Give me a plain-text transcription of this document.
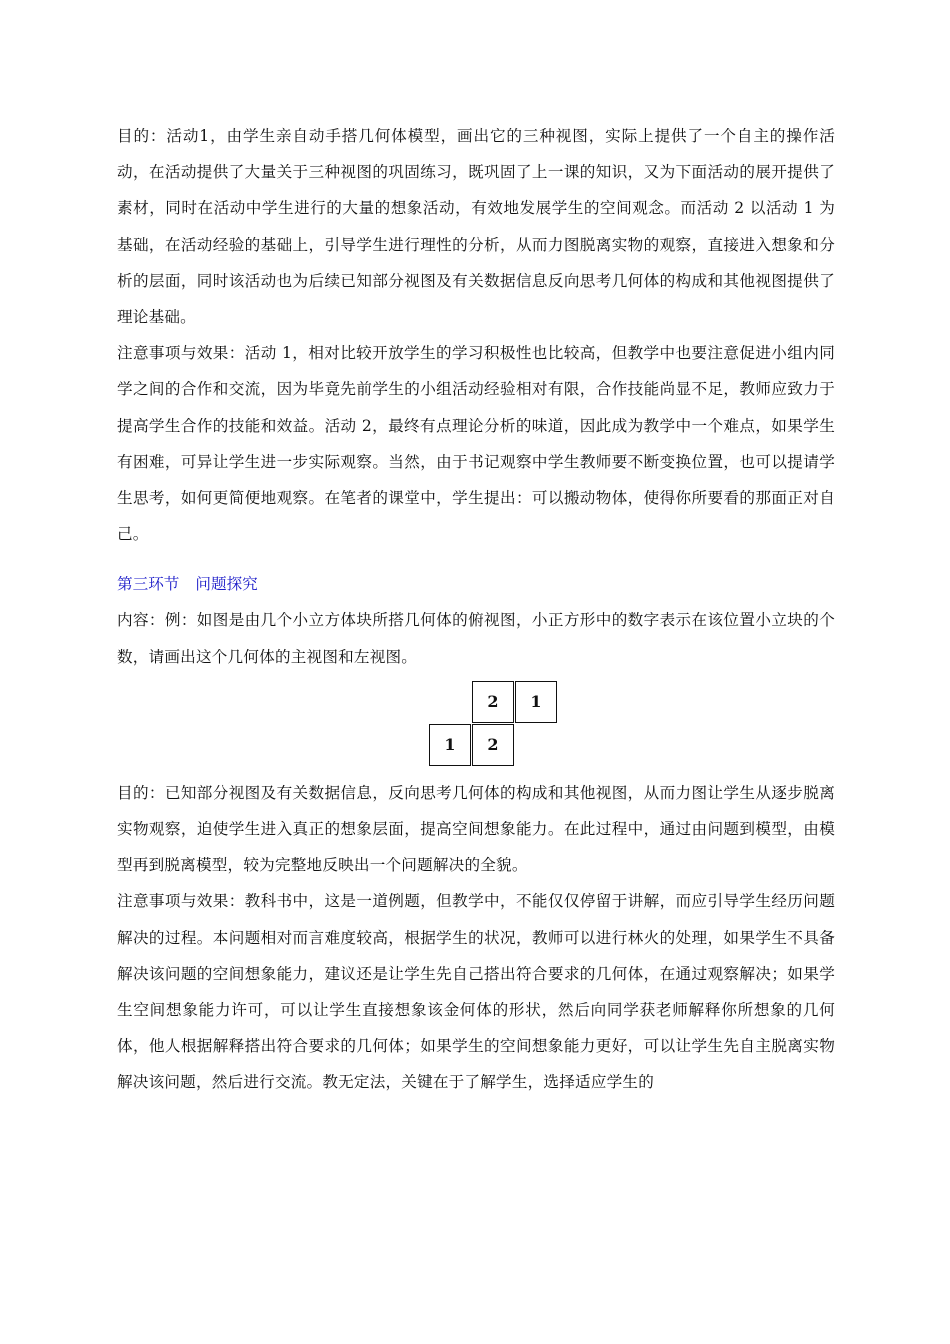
目的：活动1，由学生亲自动手搭几何体模型，画出它的三种视图，实际上提供了一个自主的操作活动，在活动提供了大量关于三种视图的巩固练习，既巩固了上一课的知识，又为下面活动的展开提供了素材，同时在活动中学生进行的大量的想象活动，有效地发展学生的空间观念。而活动 2 以活动 1 为基础，在活动经验的基础上，引导学生进行理性的分析，从而力图脱离实物的观察，直接进入想象和分析的层面，同时该活动也为后续已知部分视图及有关数据信息反向思考几何体的构成和其他视图提供了理论基础。

注意事项与效果：活动 1，相对比较开放学生的学习积极性也比较高，但教学中也要注意促进小组内同学之间的合作和交流，因为毕竟先前学生的小组活动经验相对有限，合作技能尚显不足，教师应致力于提高学生合作的技能和效益。活动 2，最终有点理论分析的味道，因此成为教学中一个难点，如果学生有困难，可异让学生进一步实际观察。当然，由于书记观察中学生教师要不断变换位置，也可以提请学生思考，如何更简便地观察。在笔者的课堂中，学生提出：可以搬动物体，使得你所要看的那面正对自己。

第三环节 问题探究

内容：例：如图是由几个小立方体块所搭几何体的俯视图，小正方形中的数字表示在该位置小立块的个数，请画出这个几何体的主视图和左视图。

2	1
1	2

目的：已知部分视图及有关数据信息，反向思考几何体的构成和其他视图，从而力图让学生从逐步脱离实物观察，迫使学生进入真正的想象层面，提高空间想象能力。在此过程中，通过由问题到模型，由模型再到脱离模型，较为完整地反映出一个问题解决的全貌。

注意事项与效果：教科书中，这是一道例题，但教学中，不能仅仅停留于讲解，而应引导学生经历问题解决的过程。本问题相对而言难度较高，根据学生的状况，教师可以进行林火的处理，如果学生不具备解决该问题的空间想象能力，建议还是让学生先自己搭出符合要求的几何体，在通过观察解决；如果学生空间想象能力许可，可以让学生直接想象该金何体的形状，然后向同学获老师解释你所想象的几何体，他人根据解释搭出符合要求的几何体；如果学生的空间想象能力更好，可以让学生先自主脱离实物解决该问题，然后进行交流。教无定法，关键在于了解学生，选择适应学生的
